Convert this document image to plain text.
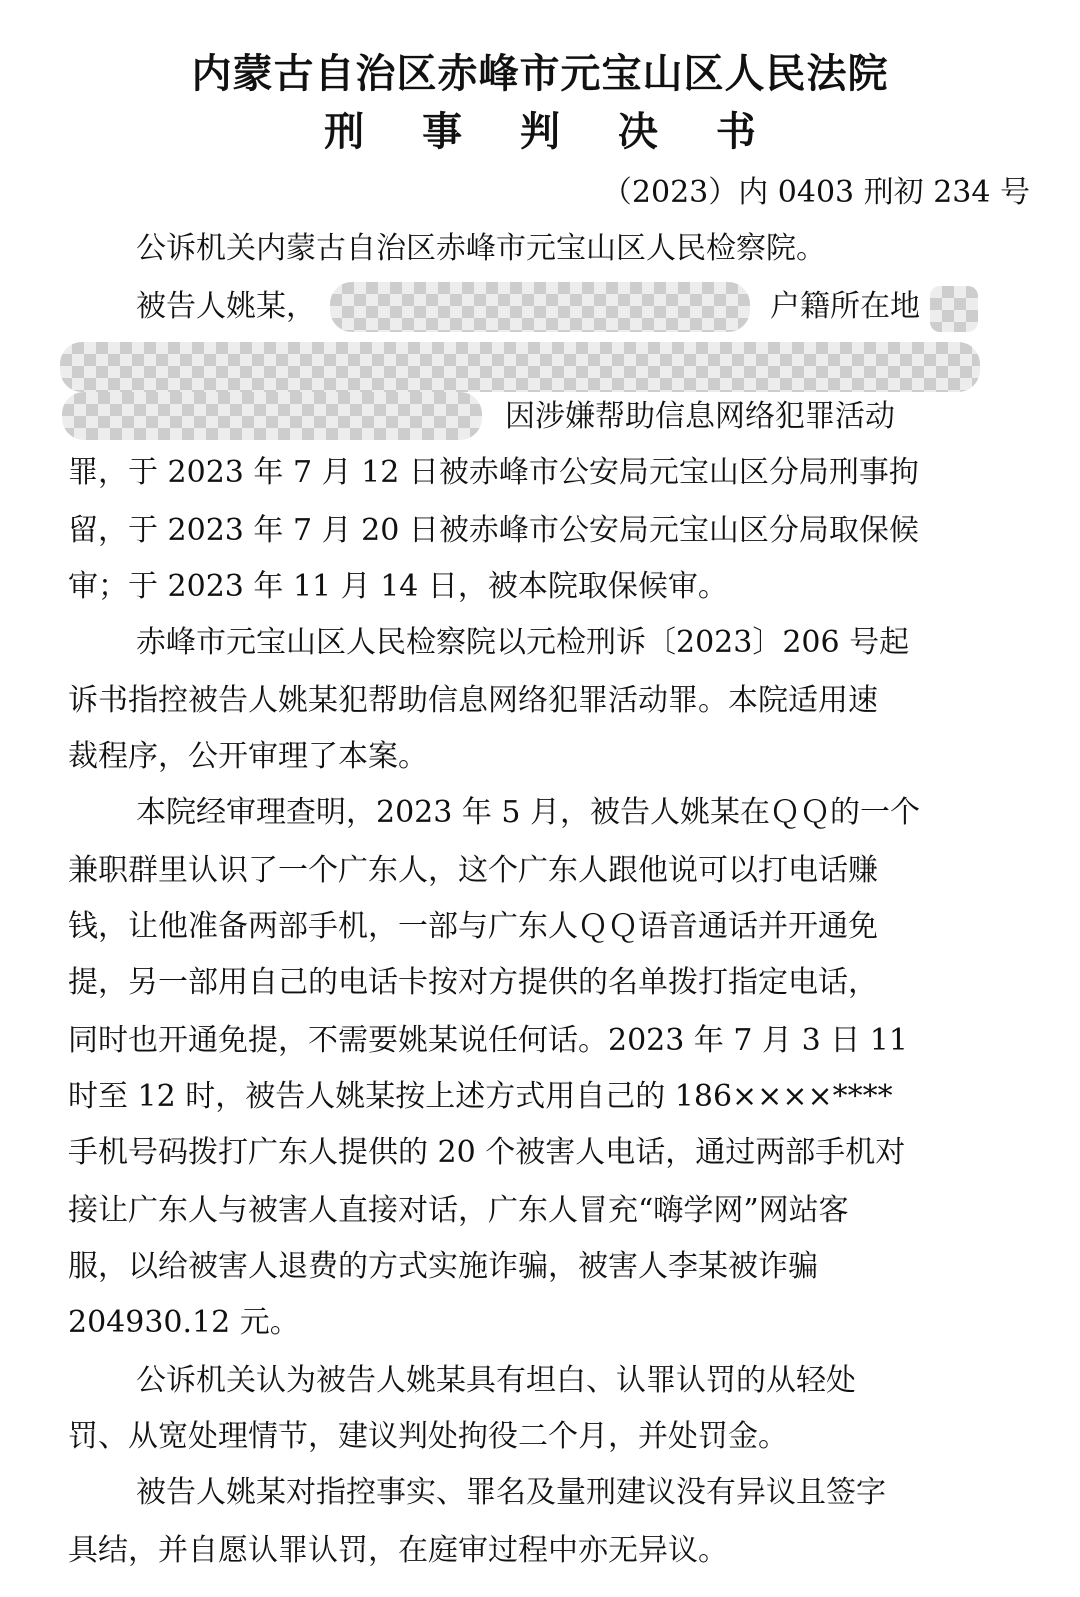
内蒙古自治区赤峰市元宝山区人民法院
刑 事 判 决 书
（2023）内 0403 刑初 234 号
公诉机关内蒙古自治区赤峰市元宝山区人民检察院。
被告人姚某，	户籍所在地
因涉嫌帮助信息网络犯罪活动
罪，于 2023 年 7 月 12 日被赤峰市公安局元宝山区分局刑事拘
留，于 2023 年 7 月 20 日被赤峰市公安局元宝山区分局取保候
审；于 2023 年 11 月 14 日，被本院取保候审。
赤峰市元宝山区人民检察院以元检刑诉〔2023〕206 号起
诉书指控被告人姚某犯帮助信息网络犯罪活动罪。本院适用速
裁程序，公开审理了本案。
本院经审理查明，2023 年 5 月，被告人姚某在ＱＱ的一个
兼职群里认识了一个广东人，这个广东人跟他说可以打电话赚
钱，让他准备两部手机，一部与广东人ＱＱ语音通话并开通免
提，另一部用自己的电话卡按对方提供的名单拨打指定电话，
同时也开通免提，不需要姚某说任何话。2023 年 7 月 3 日 11
时至 12 时，被告人姚某按上述方式用自己的 186××××****
手机号码拨打广东人提供的 20 个被害人电话，通过两部手机对
接让广东人与被害人直接对话，广东人冒充“嗨学网”网站客
服，以给被害人退费的方式实施诈骗，被害人李某被诈骗
204930.12 元。
公诉机关认为被告人姚某具有坦白、认罪认罚的从轻处
罚、从宽处理情节，建议判处拘役二个月，并处罚金。
被告人姚某对指控事实、罪名及量刑建议没有异议且签字
具结，并自愿认罪认罚，在庭审过程中亦无异议。
